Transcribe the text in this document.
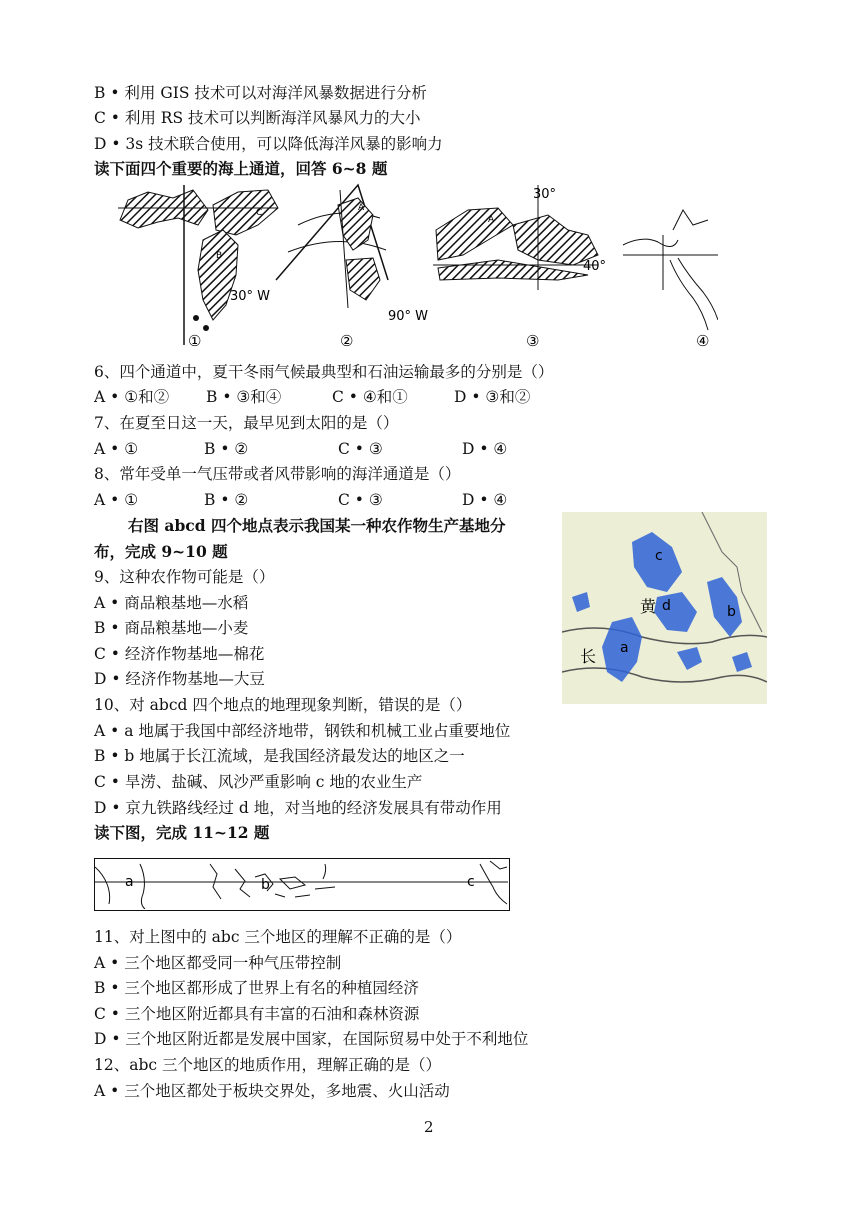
B • 利用 GIS 技术可以对海洋风暴数据进行分析
C • 利用 RS 技术可以判断海洋风暴风力的大小
D • 3s 技术联合使用，可以降低海洋风暴的影响力
读下面四个重要的海上通道，回答 6~8 题
B
C
30° W
90° W
A
30°
40°
A
①	②	③	④
6、四个通道中，夏干冬雨气候最典型和石油运输最多的分别是（）
A • ①和② B • ③和④	C • ④和①	D • ③和②
7、在夏至日这一天，最早见到太阳的是（）
A • ①	B • ②	C • ③	D • ④
8、常年受单一气压带或者风带影响的海洋通道是（）
A • ①	B • ②	C • ③	D • ④
右图 abcd 四个地点表示我国某一种农作物生产基地分
布，完成 9~10 题	c
d	b
a
黄
长
9、这种农作物可能是（）
A • 商品粮基地—水稻
B • 商品粮基地—小麦
C • 经济作物基地—棉花
D • 经济作物基地—大豆
10、对 abcd 四个地点的地理现象判断，错误的是（）
A • a 地属于我国中部经济地带，钢铁和机械工业占重要地位
B • b 地属于长江流域，是我国经济最发达的地区之一
C • 旱涝、盐碱、风沙严重影响 c 地的农业生产
D • 京九铁路线经过 d 地，对当地的经济发展具有带动作用
读下图，完成 11~12 题
a	b	c
11、对上图中的 abc 三个地区的理解不正确的是（）
A • 三个地区都受同一种气压带控制
B • 三个地区都形成了世界上有名的种植园经济
C • 三个地区附近都具有丰富的石油和森林资源
D • 三个地区附近都是发展中国家，在国际贸易中处于不利地位
12、abc 三个地区的地质作用，理解正确的是（）
A • 三个地区都处于板块交界处，多地震、火山活动
2
